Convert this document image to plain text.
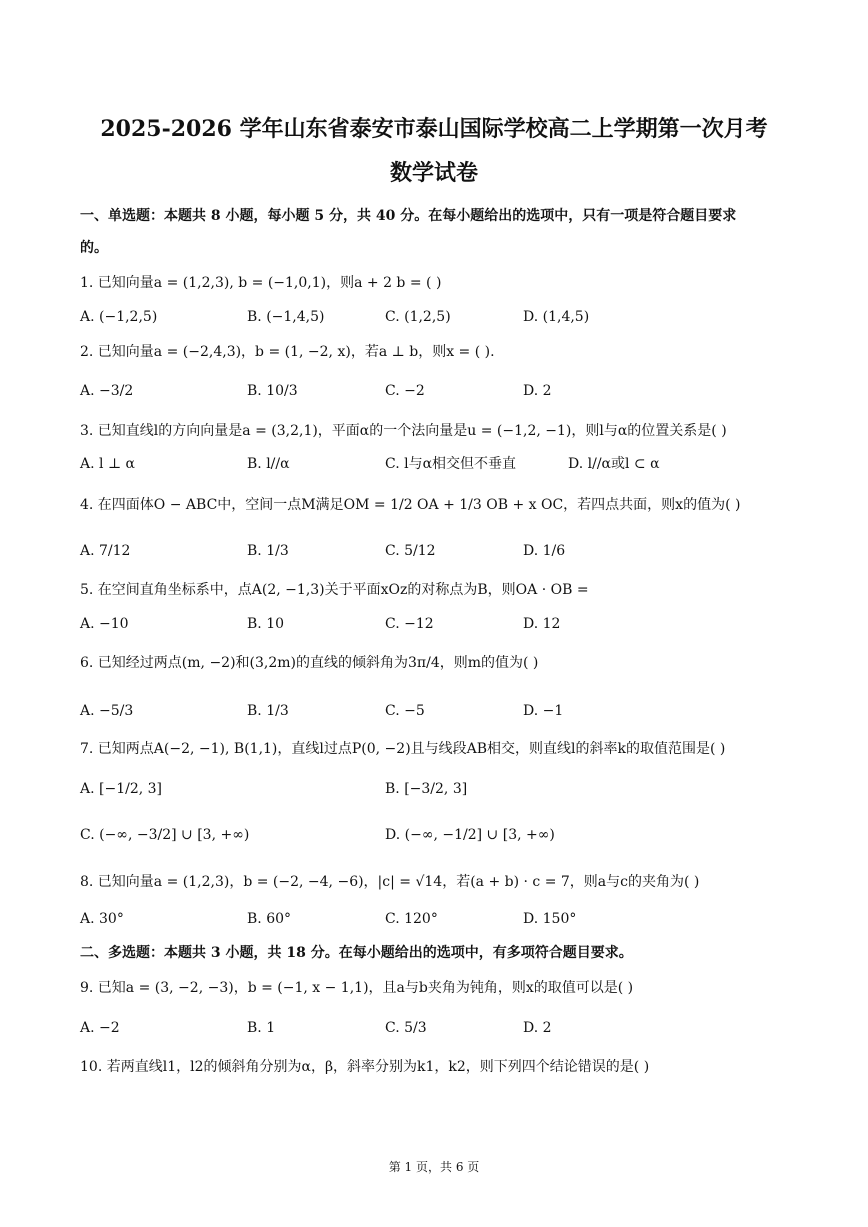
2025-2026 学年山东省泰安市泰山国际学校高二上学期第一次月考
数学试卷
一、单选题：本题共 8 小题，每小题 5 分，共 40 分。在每小题给出的选项中，只有一项是符合题目要求
的。
1. 已知向量a = (1,2,3), b = (−1,0,1)，则a + 2 b = ( )
A. (−1,2,5)	B. (−1,4,5)	C. (1,2,5)	D. (1,4,5)
2. 已知向量a = (−2,4,3)，b = (1, −2, x)，若a ⊥ b，则x = ( ).
A. −3/2	B. 10/3	C. −2	D. 2
3. 已知直线l的方向向量是a = (3,2,1)，平面α的一个法向量是u = (−1,2, −1)，则l与α的位置关系是( )
A. l ⊥ α	B. l//α	C. l与α相交但不垂直	D. l//α或l ⊂ α
4. 在四面体O − ABC中，空间一点M满足OM = 1/2 OA + 1/3 OB + x OC，若四点共面，则x的值为( )
A. 7/12	B. 1/3	C. 5/12	D. 1/6
5. 在空间直角坐标系中，点A(2, −1,3)关于平面xOz的对称点为B，则OA · OB =
A. −10	B. 10	C. −12	D. 12
6. 已知经过两点(m, −2)和(3,2m)的直线的倾斜角为3π/4，则m的值为( )
A. −5/3	B. 1/3	C. −5	D. −1
7. 已知两点A(−2, −1), B(1,1)，直线l过点P(0, −2)且与线段AB相交，则直线l的斜率k的取值范围是( )
A. [−1/2, 3]	B. [−3/2, 3]
C. (−∞, −3/2] ∪ [3, +∞)	D. (−∞, −1/2] ∪ [3, +∞)
8. 已知向量a = (1,2,3)，b = (−2, −4, −6)，|c| = √14，若(a + b) · c = 7，则a与c的夹角为( )
A. 30°	B. 60°	C. 120°	D. 150°
二、多选题：本题共 3 小题，共 18 分。在每小题给出的选项中，有多项符合题目要求。
9. 已知a = (3, −2, −3)，b = (−1, x − 1,1)，且a与b夹角为钝角，则x的取值可以是( )
A. −2	B. 1	C. 5/3	D. 2
10. 若两直线l1，l2的倾斜角分别为α，β，斜率分别为k1，k2，则下列四个结论错误的是( )
第 1 页，共 6 页
